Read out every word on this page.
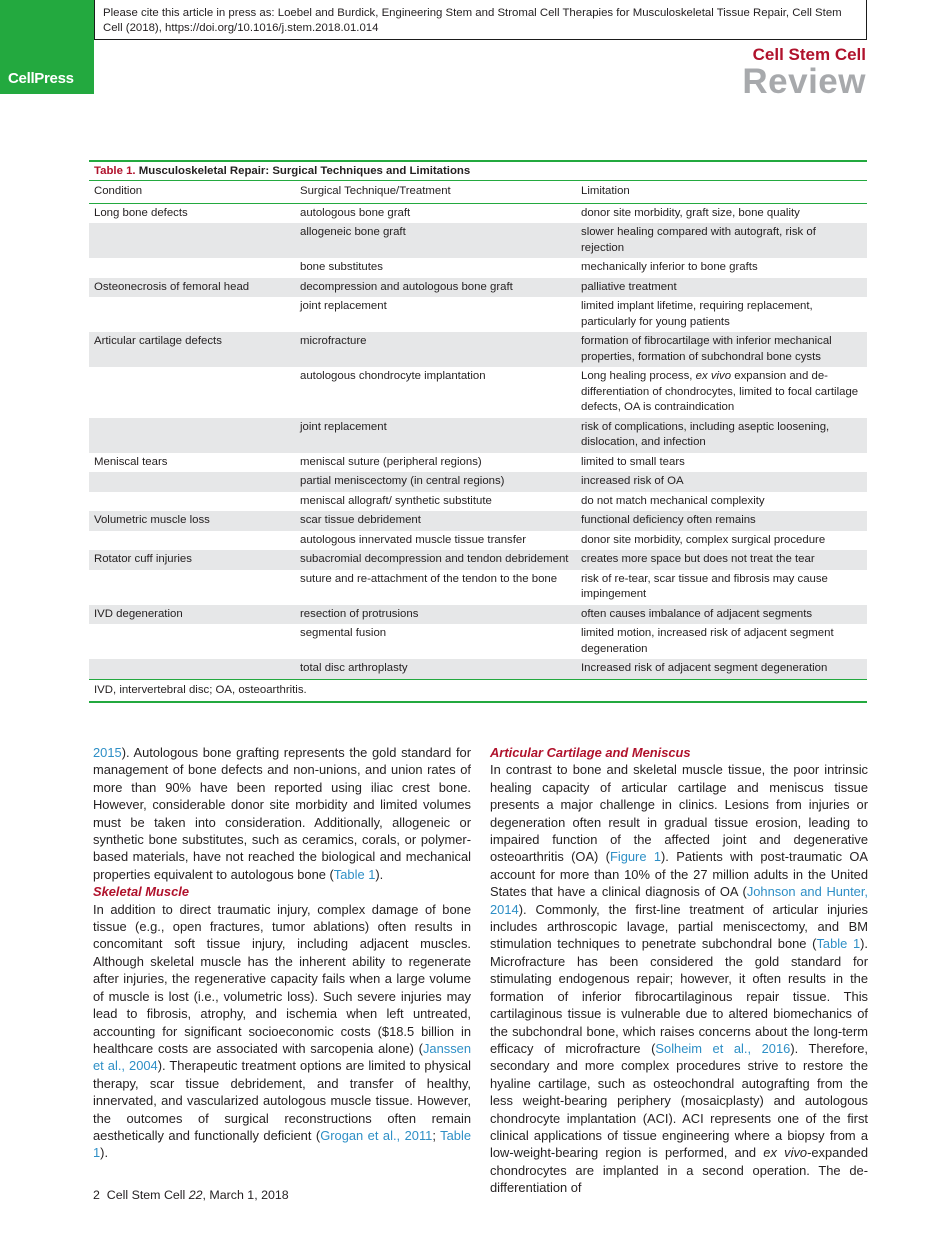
CellPress
Please cite this article in press as: Loebel and Burdick, Engineering Stem and Stromal Cell Therapies for Musculoskeletal Tissue Repair, Cell Stem Cell (2018), https://doi.org/10.1016/j.stem.2018.01.014
Cell Stem Cell
Review
Table 1. Musculoskeletal Repair: Surgical Techniques and Limitations
Condition	Surgical Technique/Treatment	Limitation
Long bone defects	autologous bone graft	donor site morbidity, graft size, bone quality
	allogeneic bone graft	slower healing compared with autograft, risk of rejection
	bone substitutes	mechanically inferior to bone grafts
Osteonecrosis of femoral head	decompression and autologous bone graft	palliative treatment
	joint replacement	limited implant lifetime, requiring replacement, particularly for young patients
Articular cartilage defects	microfracture	formation of fibrocartilage with inferior mechanical properties, formation of subchondral bone cysts
	autologous chondrocyte implantation	Long healing process, ex vivo expansion and de-differentiation of chondrocytes, limited to focal cartilage defects, OA is contraindication
	joint replacement	risk of complications, including aseptic loosening, dislocation, and infection
Meniscal tears	meniscal suture (peripheral regions)	limited to small tears
	partial meniscectomy (in central regions)	increased risk of OA
	meniscal allograft/ synthetic substitute	do not match mechanical complexity
Volumetric muscle loss	scar tissue debridement	functional deficiency often remains
	autologous innervated muscle tissue transfer	donor site morbidity, complex surgical procedure
Rotator cuff injuries	subacromial decompression and tendon debridement	creates more space but does not treat the tear
	suture and re-attachment of the tendon to the bone	risk of re-tear, scar tissue and fibrosis may cause impingement
IVD degeneration	resection of protrusions	often causes imbalance of adjacent segments
	segmental fusion	limited motion, increased risk of adjacent segment degeneration
	total disc arthroplasty	Increased risk of adjacent segment degeneration
IVD, intervertebral disc; OA, osteoarthritis.

2015). Autologous bone grafting represents the gold standard for management of bone defects and non-unions, and union rates of more than 90% have been reported using iliac crest bone. However, considerable donor site morbidity and limited volumes must be taken into consideration. Additionally, allogeneic or synthetic bone substitutes, such as ceramics, corals, or polymer-based materials, have not reached the biological and mechanical properties equivalent to autologous bone (Table 1).

Skeletal Muscle

In addition to direct traumatic injury, complex damage of bone tissue (e.g., open fractures, tumor ablations) often results in concomitant soft tissue injury, including adjacent muscles. Although skeletal muscle has the inherent ability to regenerate after injuries, the regenerative capacity fails when a large volume of muscle is lost (i.e., volumetric loss). Such severe injuries may lead to fibrosis, atrophy, and ischemia when left untreated, accounting for significant socioeconomic costs ($18.5 billion in healthcare costs are associated with sarcopenia alone) (Janssen et al., 2004). Therapeutic treatment options are limited to physical therapy, scar tissue debridement, and transfer of healthy, innervated, and vascularized autologous muscle tissue. However, the outcomes of surgical reconstructions often remain aesthetically and functionally deficient (Grogan et al., 2011; Table 1).

Articular Cartilage and Meniscus

In contrast to bone and skeletal muscle tissue, the poor intrinsic healing capacity of articular cartilage and meniscus tissue presents a major challenge in clinics. Lesions from injuries or degeneration often result in gradual tissue erosion, leading to impaired function of the affected joint and degenerative osteoarthritis (OA) (Figure 1). Patients with post-traumatic OA account for more than 10% of the 27 million adults in the United States that have a clinical diagnosis of OA (Johnson and Hunter, 2014). Commonly, the first-line treatment of articular injuries includes arthroscopic lavage, partial meniscectomy, and BM stimulation techniques to penetrate subchondral bone (Table 1). Microfracture has been considered the gold standard for stimulating endogenous repair; however, it often results in the formation of inferior fibrocartilaginous repair tissue. This cartilaginous tissue is vulnerable due to altered biomechanics of the subchondral bone, which raises concerns about the long-term efficacy of microfracture (Solheim et al., 2016). Therefore, secondary and more complex procedures strive to restore the hyaline cartilage, such as osteochondral autografting from the less weight-bearing periphery (mosaicplasty) and autologous chondrocyte implantation (ACI). ACI represents one of the first clinical applications of tissue engineering where a biopsy from a low-weight-bearing region is performed, and ex vivo-expanded chondrocytes are implanted in a second operation. The de-differentiation of

2 Cell Stem Cell 22, March 1, 2018
